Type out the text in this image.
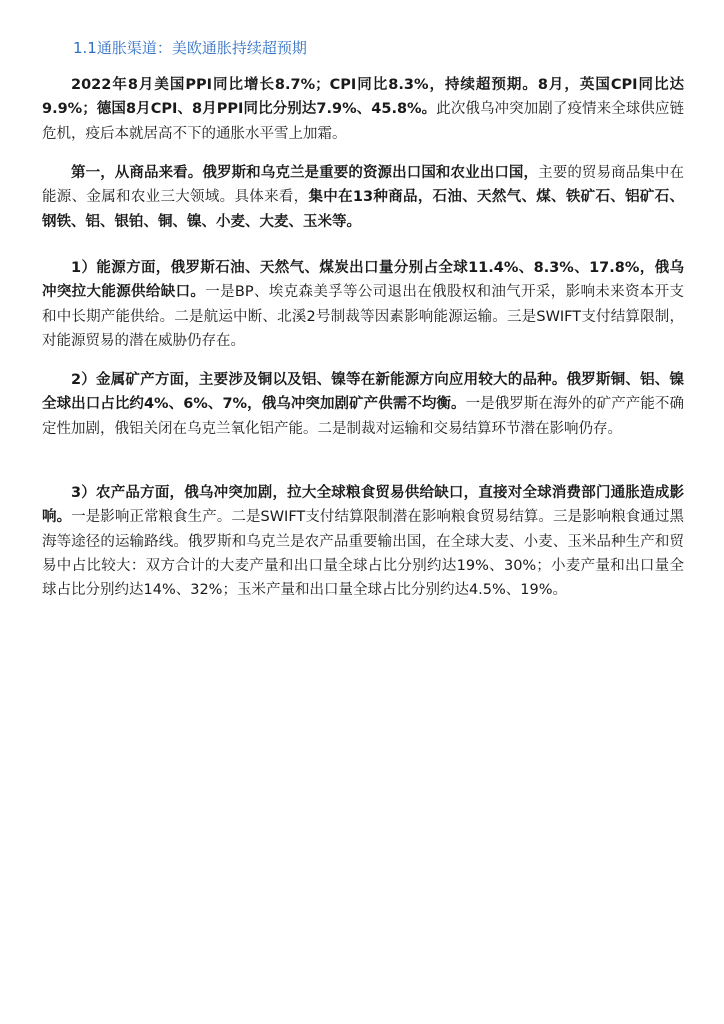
1.1通胀渠道：美欧通胀持续超预期

2022年8月美国PPI同比增长8.7%；CPI同比8.3%，持续超预期。8月，英国CPI同比达9.9%；德国8月CPI、8月PPI同比分别达7.9%、45.8%。此次俄乌冲突加剧了疫情来全球供应链危机，疫后本就居高不下的通胀水平雪上加霜。

第一，从商品来看。俄罗斯和乌克兰是重要的资源出口国和农业出口国，主要的贸易商品集中在能源、金属和农业三大领域。具体来看，集中在13种商品，石油、天然气、煤、铁矿石、铝矿石、钢铁、铝、银铂、铜、镍、小麦、大麦、玉米等。

1）能源方面，俄罗斯石油、天然气、煤炭出口量分别占全球11.4%、8.3%、17.8%，俄乌冲突拉大能源供给缺口。一是BP、埃克森美孚等公司退出在俄股权和油气开采，影响未来资本开支和中长期产能供给。二是航运中断、北溪2号制裁等因素影响能源运输。三是SWIFT支付结算限制，对能源贸易的潜在威胁仍存在。

2）金属矿产方面，主要涉及铜以及铝、镍等在新能源方向应用较大的品种。俄罗斯铜、铝、镍全球出口占比约4%、6%、7%，俄乌冲突加剧矿产供需不均衡。一是俄罗斯在海外的矿产产能不确定性加剧，俄铝关闭在乌克兰氧化铝产能。二是制裁对运输和交易结算环节潜在影响仍存。

3）农产品方面，俄乌冲突加剧，拉大全球粮食贸易供给缺口，直接对全球消费部门通胀造成影响。一是影响正常粮食生产。二是SWIFT支付结算限制潜在影响粮食贸易结算。三是影响粮食通过黑海等途径的运输路线。俄罗斯和乌克兰是农产品重要输出国，在全球大麦、小麦、玉米品种生产和贸易中占比较大：双方合计的大麦产量和出口量全球占比分别约达19%、30%；小麦产量和出口量全球占比分别约达14%、32%；玉米产量和出口量全球占比分别约达4.5%、19%。
